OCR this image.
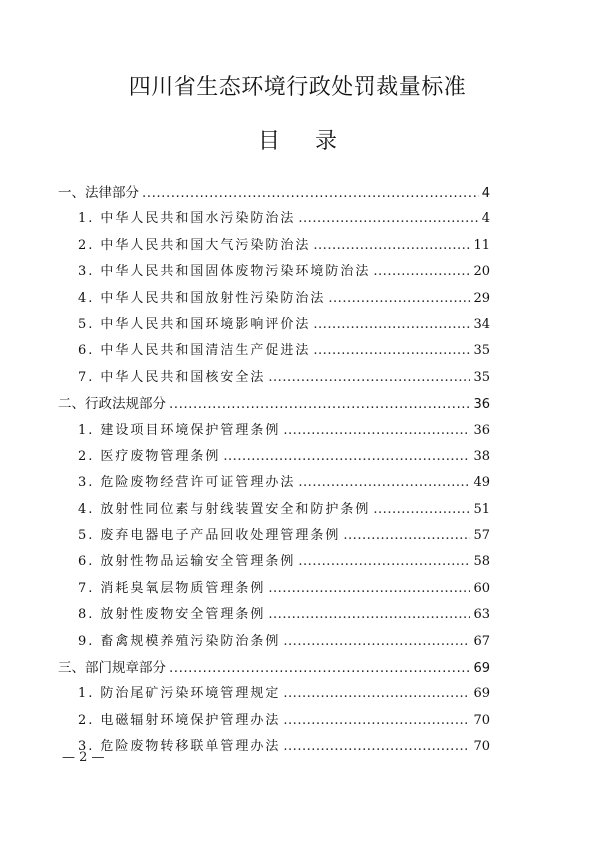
四川省生态环境行政处罚裁量标准
目 录
一、 法律部分 .....	4
1. 中华人民共和国水污染防治法 .....	4
2. 中华人民共和国大气污染防治法 .....	11
3. 中华人民共和国固体废物污染环境防治法 .....	20
4. 中华人民共和国放射性污染防治法 .....	29
5. 中华人民共和国环境影响评价法 .....	34
6. 中华人民共和国清洁生产促进法 .....	35
7. 中华人民共和国核安全法 .....	35
二、 行政法规部分 .....	36
1. 建设项目环境保护管理条例 .....	36
2. 医疗废物管理条例 .....	38
3. 危险废物经营许可证管理办法 .....	49
4. 放射性同位素与射线装置安全和防护条例 .....	51
5. 废弃电器电子产品回收处理管理条例 .....	57
6. 放射性物品运输安全管理条例 .....	58
7. 消耗臭氧层物质管理条例 .....	60
8. 放射性废物安全管理条例 .....	63
9. 畜禽规模养殖污染防治条例 .....	67
三、 部门规章部分 .....	69
1. 防治尾矿污染环境管理规定 .....	69
2. 电磁辐射环境保护管理办法 .....	70
3. 危险废物转移联单管理办法 .....	70
— 2 —
